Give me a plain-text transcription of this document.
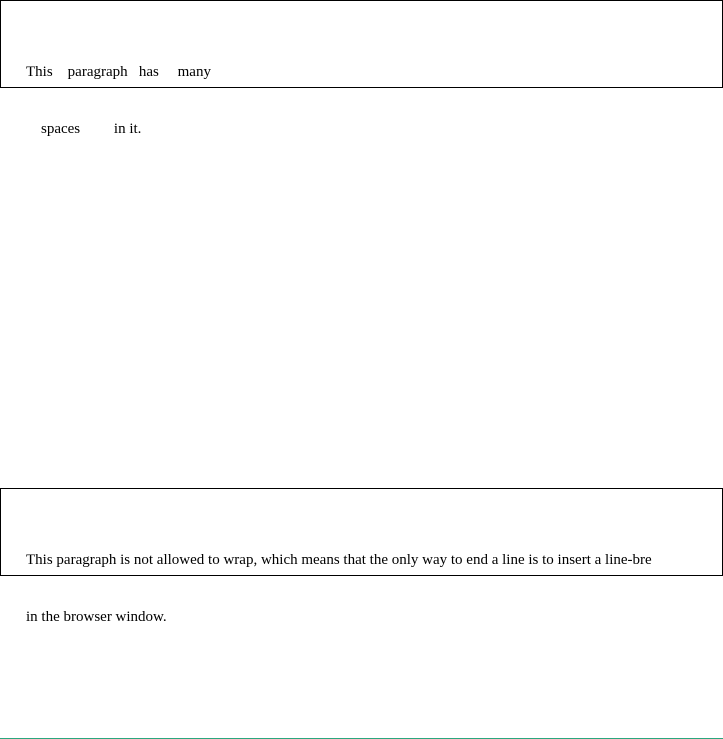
This    paragraph   has     many

spaces         in it.

This paragraph is not allowed to wrap, which means that the only way to end a line is to insert a line-bre

in the browser window.
